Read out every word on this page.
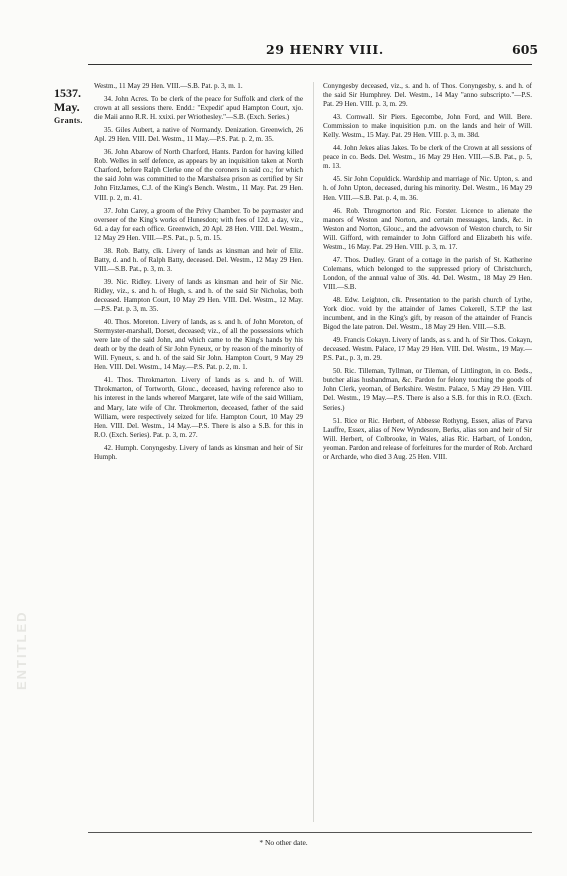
29 HENRY VIII.	605
1537.
May.
Grants.
ENTITLED

Westm., 11 May 29 Hen. VIII.—S.B. Pat. p. 3, m. 1.

34. John Acres. To be clerk of the peace for Suffolk and clerk of the crown at all sessions there. Endd.: "Expedit' apud Hampton Court, xjo. die Maii anno R.R. H. xxixi. per Wriothesley."—S.B. (Exch. Series.)

35. Giles Aubert, a native of Normandy. Denization. Greenwich, 26 Apl. 29 Hen. VIII. Del. Westm., 11 May.—P.S. Pat. p. 2, m. 35.

36. John Abarow of North Charford, Hants. Pardon for having killed Rob. Welles in self defence, as appears by an inquisition taken at North Charford, before Ralph Clerke one of the coroners in said co.; for which the said John was committed to the Marshalsea prison as certified by Sir John FitzJames, C.J. of the King's Bench. Westm., 11 May. Pat. 29 Hen. VIII. p. 2, m. 41.

37. John Carey, a groom of the Privy Chamber. To be paymaster and overseer of the King's works of Hunesdon; with fees of 12d. a day, viz., 6d. a day for each office. Greenwich, 20 Apl. 28 Hen. VIII. Del. Westm., 12 May 29 Hen. VIII.—P.S. Pat., p. 5, m. 15.

38. Rob. Batty, clk. Livery of lands as kinsman and heir of Eliz. Batty, d. and h. of Ralph Batty, deceased. Del. Westm., 12 May 29 Hen. VIII.—S.B. Pat., p. 3, m. 3.

39. Nic. Ridley. Livery of lands as kinsman and heir of Sir Nic. Ridley, viz., s. and h. of Hugh, s. and h. of the said Sir Nicholas, both deceased. Hampton Court, 10 May 29 Hen. VIII. Del. Westm., 12 May.—P.S. Pat. p. 3, m. 35.

40. Thos. Moreton. Livery of lands, as s. and h. of John Moreton, of Stermyster-marshall, Dorset, deceased; viz., of all the possessions which were late of the said John, and which came to the King's hands by his death or by the death of Sir John Fyneux, or by reason of the minority of Will. Fyneux, s. and h. of the said Sir John. Hampton Court, 9 May 29 Hen. VIII. Del. Westm., 14 May.—P.S. Pat. p. 2, m. 1.

41. Thos. Throkmarton. Livery of lands as s. and h. of Will. Throkmarton, of Tortworth, Glouc., deceased, having reference also to his interest in the lands whereof Margaret, late wife of the said William, and Mary, late wife of Chr. Throkmerton, deceased, father of the said William, were respectively seized for life. Hampton Court, 10 May 29 Hen. VIII. Del. Westm., 14 May.—P.S. There is also a S.B. for this in R.O. (Exch. Series). Pat. p. 3, m. 27.

42. Humph. Conyngesby. Livery of lands as kinsman and heir of Sir Humph.

Conyngesby deceased, viz., s. and h. of Thos. Conyngesby, s. and h. of the said Sir Humphrey. Del. Westm., 14 May "anno subscripto."—P.S. Pat. 29 Hen. VIII. p. 3, m. 29.

43. Cornwall. Sir Piers. Egecombe, John Ford, and Will. Bere. Commission to make inquisition p.m. on the lands and heir of Will. Kelly. Westm., 15 May. Pat. 29 Hen. VIII. p. 3, m. 38d.

44. John Jekes alias Jakes. To be clerk of the Crown at all sessions of peace in co. Beds. Del. Westm., 16 May 29 Hen. VIII.—S.B. Pat., p. 5, m. 13.

45. Sir John Copuldick. Wardship and marriage of Nic. Upton, s. and h. of John Upton, deceased, during his minority. Del. Westm., 16 May 29 Hen. VIII.—S.B. Pat. p. 4, m. 36.

46. Rob. Throgmorton and Ric. Forster. Licence to alienate the manors of Weston and Norton, and certain messuages, lands, &c. in Weston and Norton, Glouc., and the advowson of Weston church, to Sir Will. Gifford, with remainder to John Gifford and Elizabeth his wife. Westm., 16 May. Pat. 29 Hen. VIII. p. 3, m. 17.

47. Thos. Dudley. Grant of a cottage in the parish of St. Katherine Colemans, which belonged to the suppressed priory of Christchurch, London, of the annual value of 30s. 4d. Del. Westm., 18 May 29 Hen. VIII.—S.B.

48. Edw. Leighton, clk. Presentation to the parish church of Lythe, York dioc. void by the attainder of James Cokerell, S.T.P the last incumbent, and in the King's gift, by reason of the attainder of Francis Bigod the late patron. Del. Westm., 18 May 29 Hen. VIII.—S.B.

49. Francis Cokayn. Livery of lands, as s. and h. of Sir Thos. Cokayn, deceased. Westm. Palace, 17 May 29 Hen. VIII. Del. Westm., 19 May.—P.S. Pat., p. 3, m. 29.

50. Ric. Tilleman, Tyllman, or Tileman, of Littlington, in co. Beds., butcher alias husbandman, &c. Pardon for felony touching the goods of John Clerk, yeoman, of Berkshire. Westm. Palace, 5 May 29 Hen. VIII. Del. Westm., 19 May.—P.S. There is also a S.B. for this in R.O. (Exch. Series.)

51. Rice or Ric. Herbert, of Abbesse Rothyng, Essex, alias of Parva Lauffre, Essex, alias of New Wyndesore, Berks, alias son and heir of Sir Will. Herbert, of Colbrooke, in Wales, alias Ric. Harbart, of London, yeoman. Pardon and release of forfeitures for the murder of Rob. Archard or Archarde, who died 3 Aug. 25 Hen. VIII.

* No other date.
